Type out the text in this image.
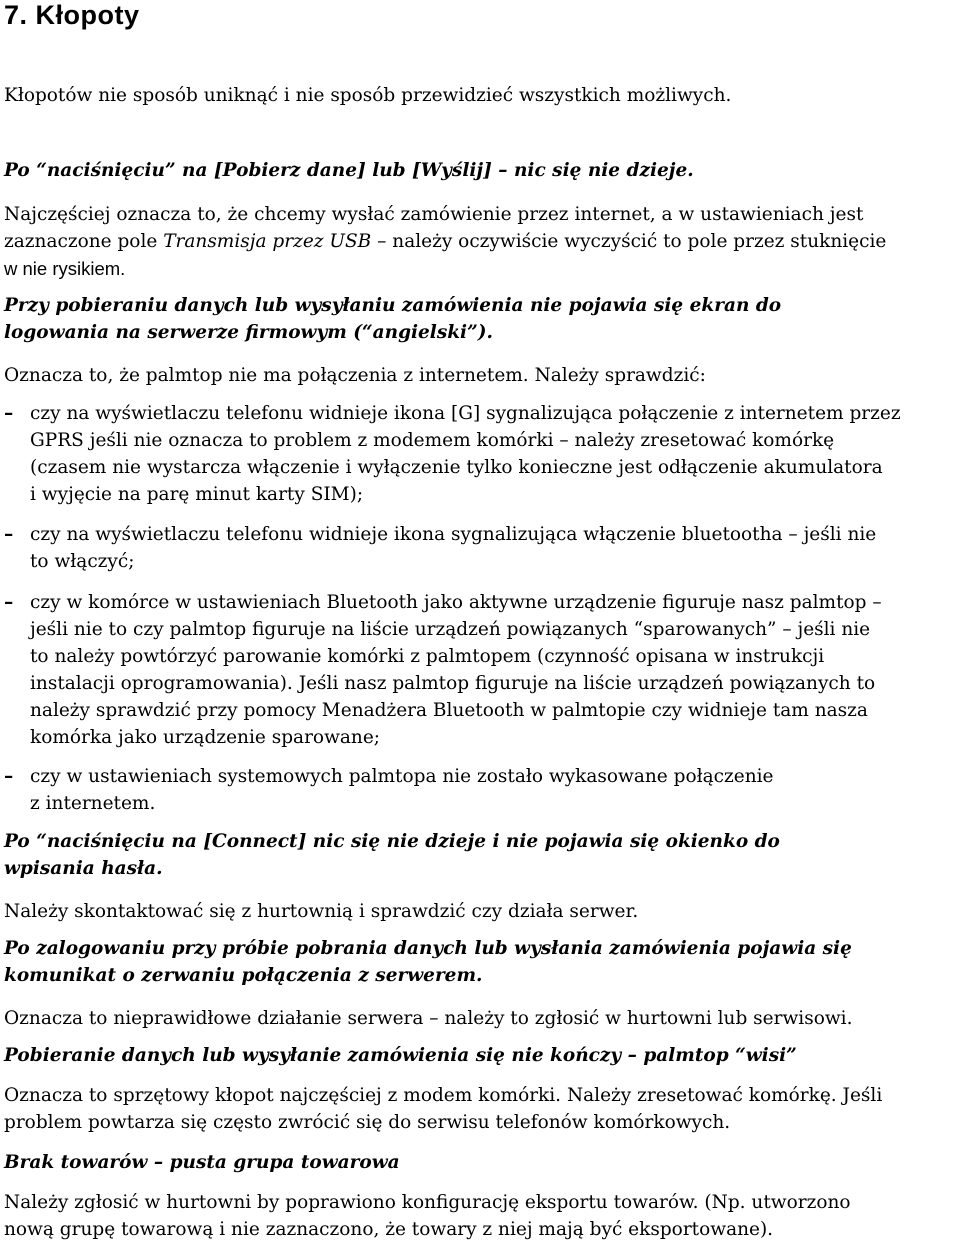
7. Kłopoty

Kłopotów nie sposób uniknąć i nie sposób przewidzieć wszystkich możliwych.

Po “naciśnięciu” na [Pobierz dane] lub [Wyślij] – nic się nie dzieje.

Najczęściej oznacza to, że chcemy wysłać zamówienie przez internet, a w ustawieniach jest
zaznaczone pole Transmisja przez USB – należy oczywiście wyczyścić to pole przez stuknięcie
w nie rysikiem.

Przy pobieraniu danych lub wysyłaniu zamówienia nie pojawia się ekran do
logowania na serwerze firmowym (“angielski”).

Oznacza to, że palmtop nie ma połączenia z internetem. Należy sprawdzić:

– czy na wyświetlaczu telefonu widnieje ikona [G] sygnalizująca połączenie z internetem przez
GPRS jeśli nie oznacza to problem z modemem komórki – należy zresetować komórkę
(czasem nie wystarcza włączenie i wyłączenie tylko konieczne jest odłączenie akumulatora
i wyjęcie na parę minut karty SIM);
– czy na wyświetlaczu telefonu widnieje ikona sygnalizująca włączenie bluetootha – jeśli nie
to włączyć;
– czy w komórce w ustawieniach Bluetooth jako aktywne urządzenie figuruje nasz palmtop –
jeśli nie to czy palmtop figuruje na liście urządzeń powiązanych “sparowanych” – jeśli nie
to należy powtórzyć parowanie komórki z palmtopem (czynność opisana w instrukcji
instalacji oprogramowania). Jeśli nasz palmtop figuruje na liście urządzeń powiązanych to
należy sprawdzić przy pomocy Menadżera Bluetooth w palmtopie czy widnieje tam nasza
komórka jako urządzenie sparowane;
– czy w ustawieniach systemowych palmtopa nie zostało wykasowane połączenie
z internetem.

Po “naciśnięciu na [Connect] nic się nie dzieje i nie pojawia się okienko do
wpisania hasła.

Należy skontaktować się z hurtownią i sprawdzić czy działa serwer.

Po zalogowaniu przy próbie pobrania danych lub wysłania zamówienia pojawia się
komunikat o zerwaniu połączenia z serwerem.

Oznacza to nieprawidłowe działanie serwera – należy to zgłosić w hurtowni lub serwisowi.

Pobieranie danych lub wysyłanie zamówienia się nie kończy – palmtop “wisi”

Oznacza to sprzętowy kłopot najczęściej z modem komórki. Należy zresetować komórkę. Jeśli
problem powtarza się często zwrócić się do serwisu telefonów komórkowych.

Brak towarów – pusta grupa towarowa

Należy zgłosić w hurtowni by poprawiono konfigurację eksportu towarów. (Np. utworzono
nową grupę towarową i nie zaznaczono, że towary z niej mają być eksportowane).
